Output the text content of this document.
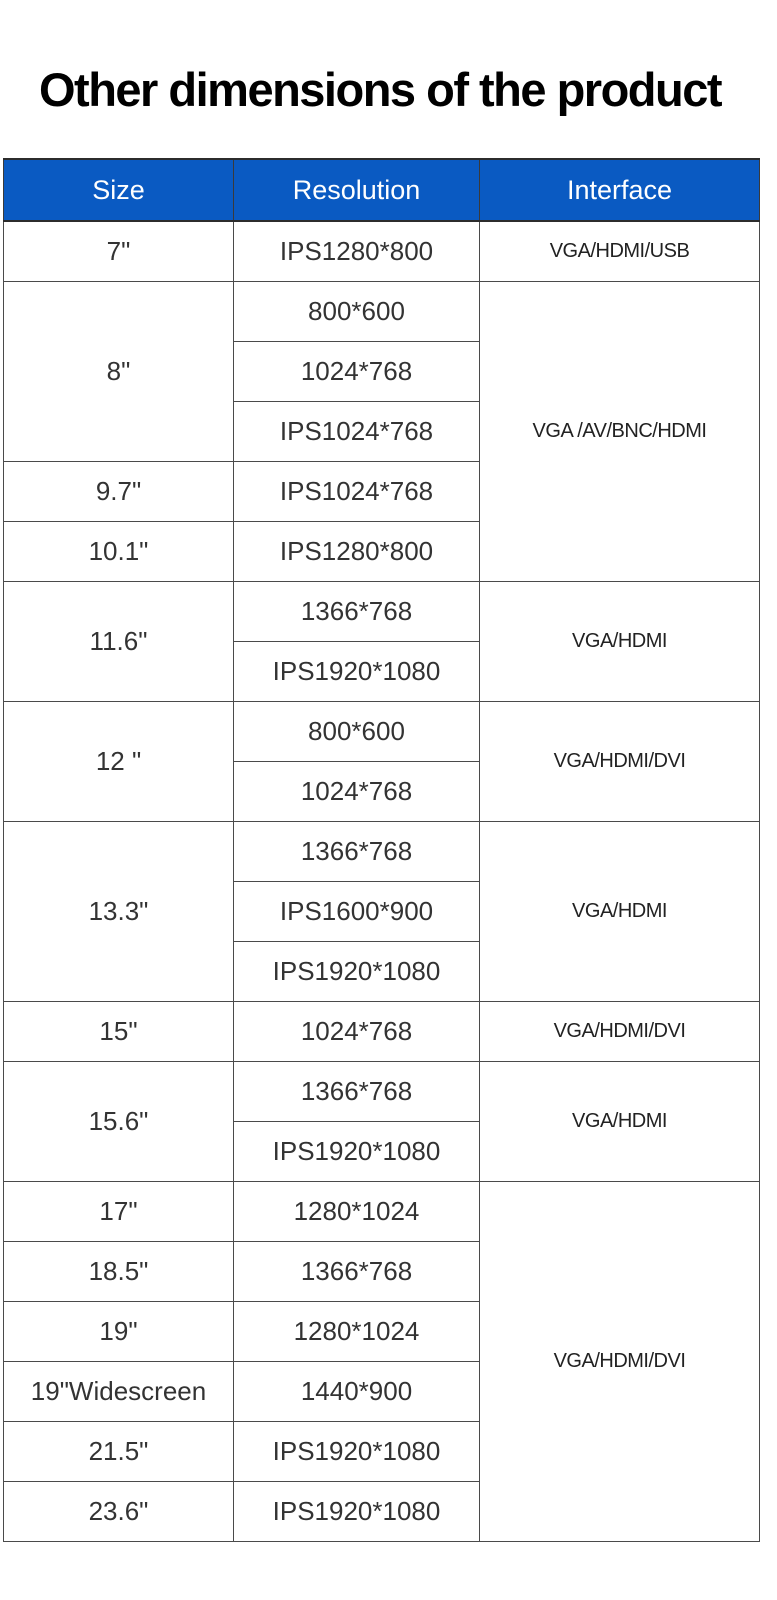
Other dimensions of the product
Size	Resolution	Interface
7"	IPS1280*800	VGA/HDMI/USB
8"	800*600	VGA /AV/BNC/HDMI
	1024*768	
	IPS1024*768	
9.7"	IPS1024*768	
10.1"	IPS1280*800	
11.6"	1366*768	VGA/HDMI
	IPS1920*1080	
12 "	800*600	VGA/HDMI/DVI
	1024*768	
13.3"	1366*768	VGA/HDMI
	IPS1600*900	
	IPS1920*1080	
15"	1024*768	VGA/HDMI/DVI
15.6"	1366*768	VGA/HDMI
	IPS1920*1080	
17"	1280*1024	VGA/HDMI/DVI
18.5"	1366*768	
19"	1280*1024	
19"Widescreen	1440*900	
21.5"	IPS1920*1080	
23.6"	IPS1920*1080	
